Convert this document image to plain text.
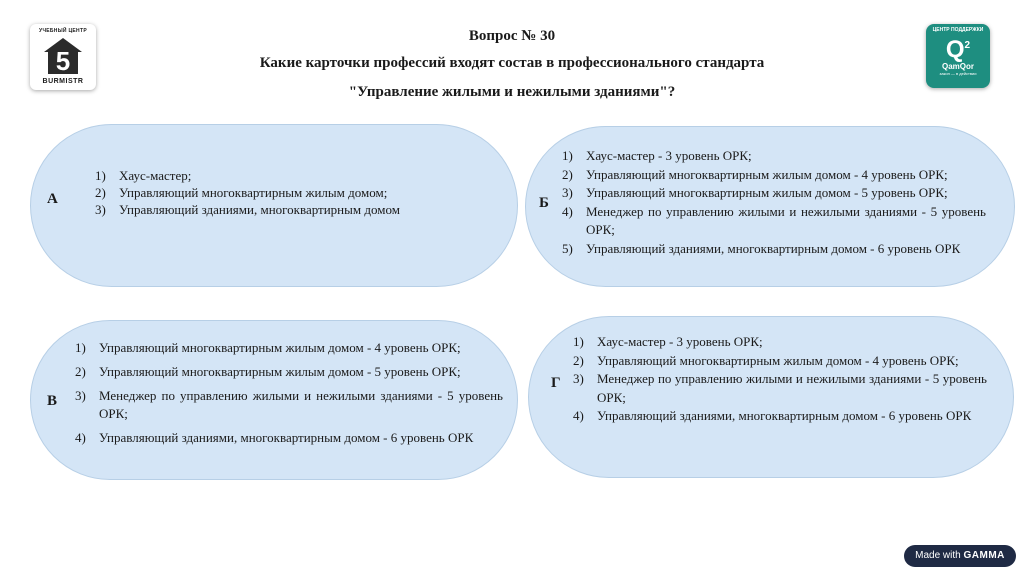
УЧЕБНЫЙ ЦЕНТР
5
BURMISTR
ЦЕНТР ПОДДЕРЖКИ
$Q^2$
QamQor
закон — в действии
Вопрос № 30
Какие карточки профессий входят состав в профессионального стандарта
"Управление жилыми и нежилыми зданиями"?
А
1) Хаус-мастер;
2) Управляющий многоквартирным жилым домом;
3) Управляющий зданиями, многоквартирным домом	Б
1) Хаус-мастер - 3 уровень ОРК;
2) Управляющий многоквартирным жилым домом - 4 уровень ОРК;
3) Управляющий многоквартирным жилым домом - 5 уровень ОРК;
4) Менеджер по управлению жилыми и нежилыми зданиями - 5 уровень ОРК;
5) Управляющий зданиями, многоквартирным домом - 6 уровень ОРК
В
1) Управляющий многоквартирным жилым домом - 4 уровень ОРК;
2) Управляющий многоквартирным жилым домом - 5 уровень ОРК;
3) Менеджер по управлению жилыми и нежилыми зданиями - 5 уровень ОРК;
4) Управляющий зданиями, многоквартирным домом - 6 уровень ОРК
Г
1) Хаус-мастер - 3 уровень ОРК;
2) Управляющий многоквартирным жилым домом - 4 уровень ОРК;
3) Менеджер по управлению жилыми и нежилыми зданиями - 5 уровень ОРК;
4) Управляющий зданиями, многоквартирным домом - 6 уровень ОРК
Made with GAMMA
